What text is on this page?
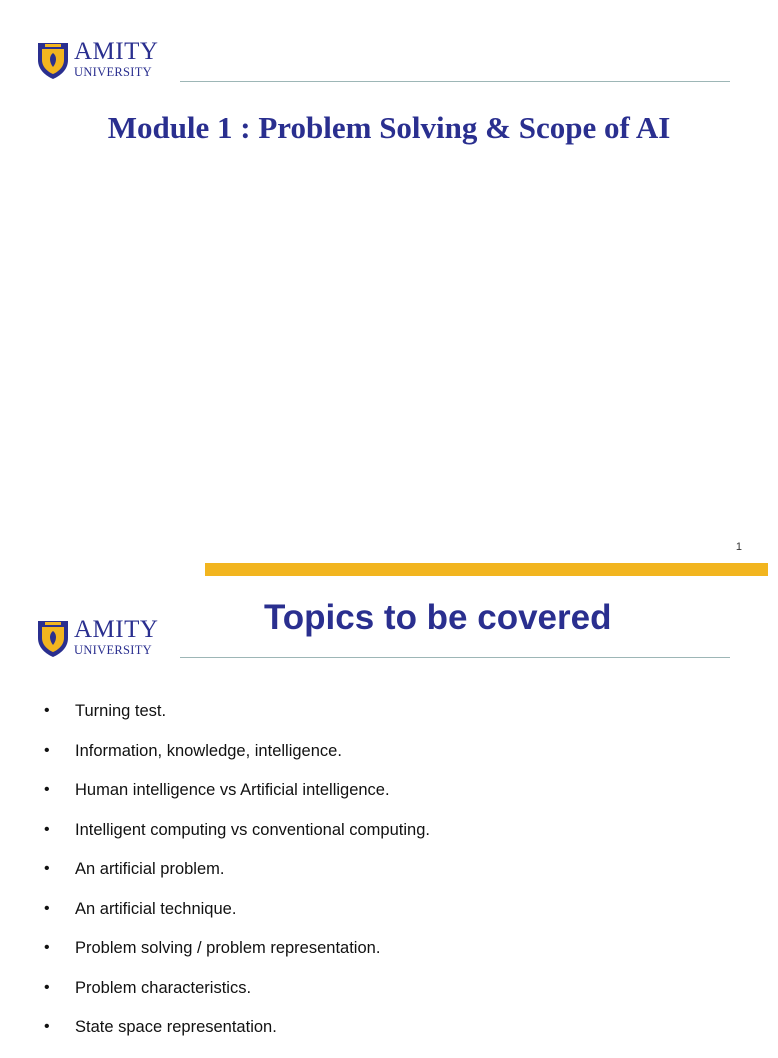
AMITY
UNIVERSITY
Module 1 : Problem Solving & Scope of AI
1
AMITY
UNIVERSITY
Topics to be covered
• Turning test.
• Information, knowledge, intelligence.
• Human intelligence vs Artificial intelligence.
• Intelligent computing vs conventional computing.
• An artificial problem.
• An artificial technique.
• Problem solving / problem representation.
• Problem characteristics.
• State space representation.
